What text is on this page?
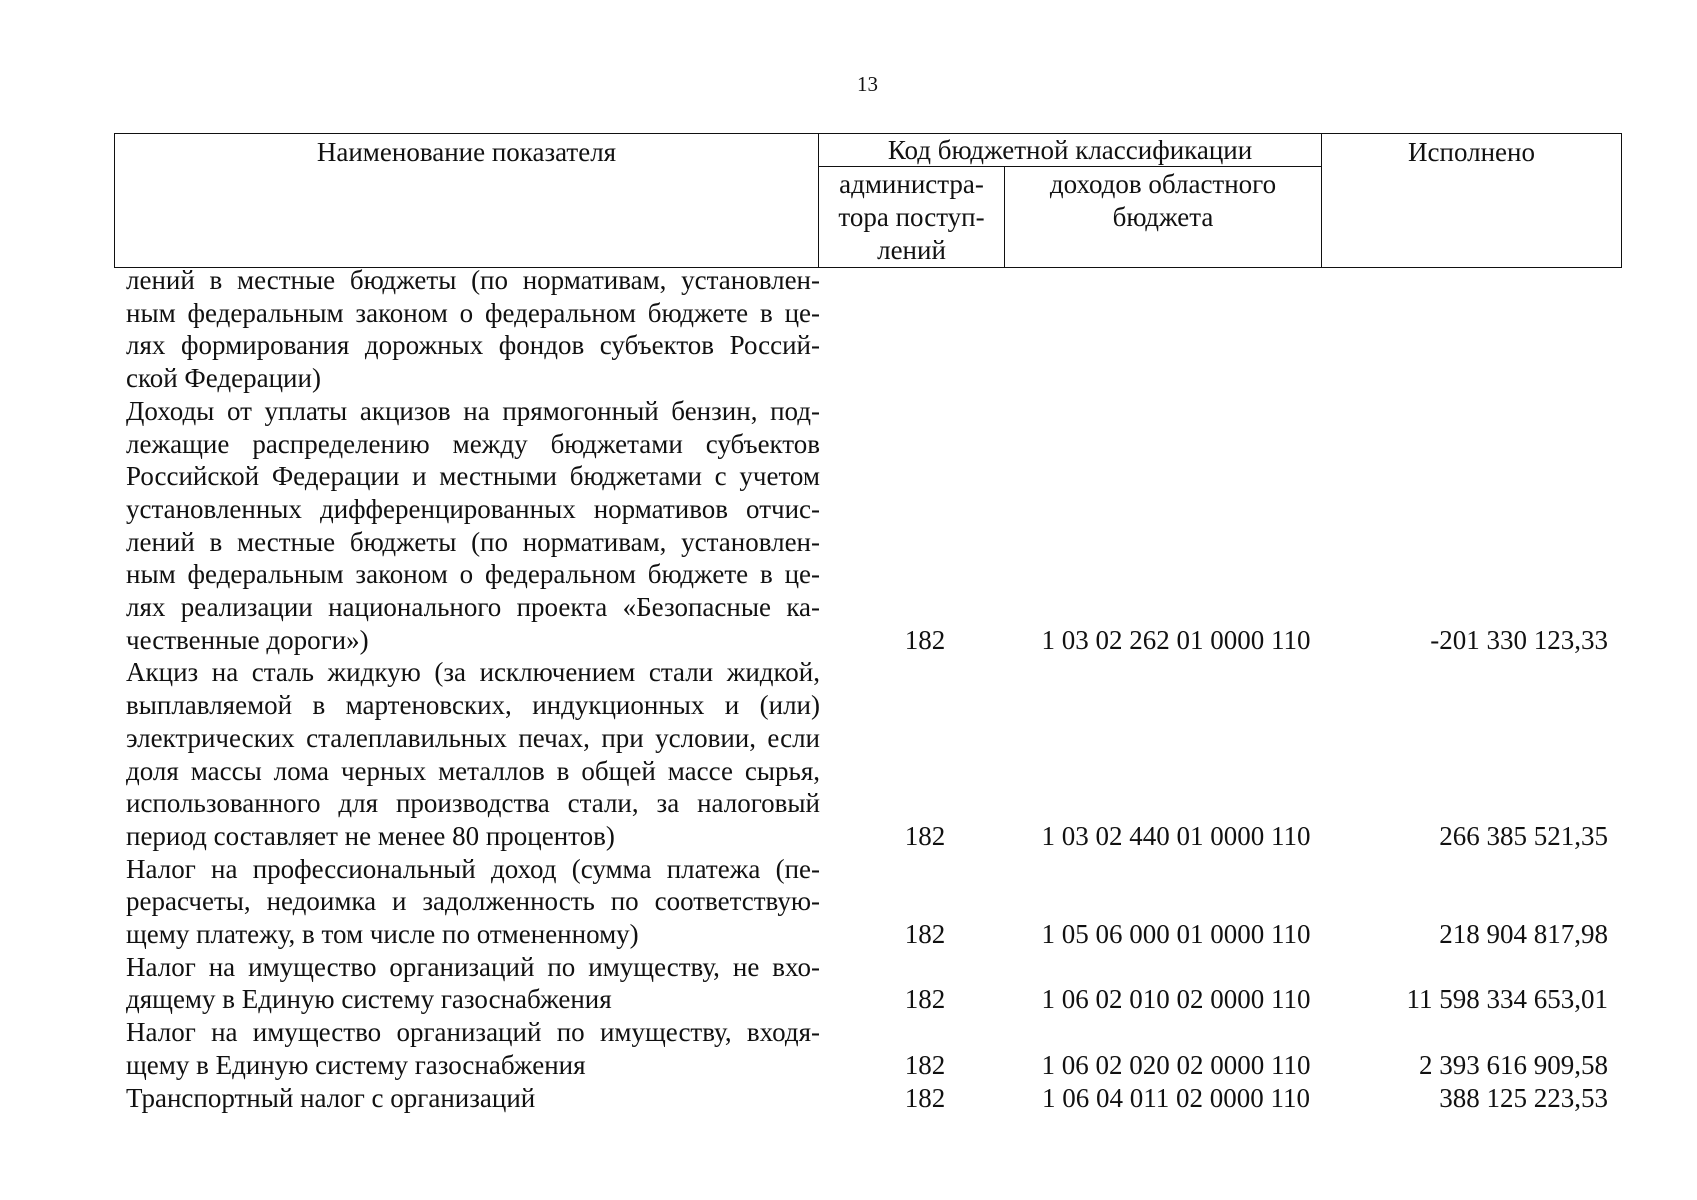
13
Наименование показателя	Код бюджетной классификации		Исполнено
	администра-
тора поступ-
лений	доходов областного
бюджета	
лений в местные бюджеты (по нормативам, установлен-
ным федеральным законом о федеральном бюджете в це-
лях формирования дорожных фондов субъектов Россий-
ской Федерации)
Доходы от уплаты акцизов на прямогонный бензин, под-
лежащие распределению между бюджетами субъектов
Российской Федерации и местными бюджетами с учетом
установленных дифференцированных нормативов отчис-
лений в местные бюджеты (по нормативам, установлен-
ным федеральным законом о федеральном бюджете в це-
лях реализации национального проекта «Безопасные ка-
чественные дороги»)	182	1 03 02 262 01 0000 110	-201 330 123,33
Акциз на сталь жидкую (за исключением стали жидкой,
выплавляемой в мартеновских, индукционных и (или)
электрических сталеплавильных печах, при условии, если
доля массы лома черных металлов в общей массе сырья,
использованного для производства стали, за налоговый
период составляет не менее 80 процентов)	182	1 03 02 440 01 0000 110	266 385 521,35
Налог на профессиональный доход (сумма платежа (пе-
рерасчеты, недоимка и задолженность по соответствую-
щему платежу, в том числе по отмененному)	182	1 05 06 000 01 0000 110	218 904 817,98
Налог на имущество организаций по имуществу, не вхо-
дящему в Единую систему газоснабжения	182	1 06 02 010 02 0000 110	11 598 334 653,01
Налог на имущество организаций по имуществу, входя-
щему в Единую систему газоснабжения	182	1 06 02 020 02 0000 110	2 393 616 909,58
Транспортный налог с организаций	182	1 06 04 011 02 0000 110	388 125 223,53
